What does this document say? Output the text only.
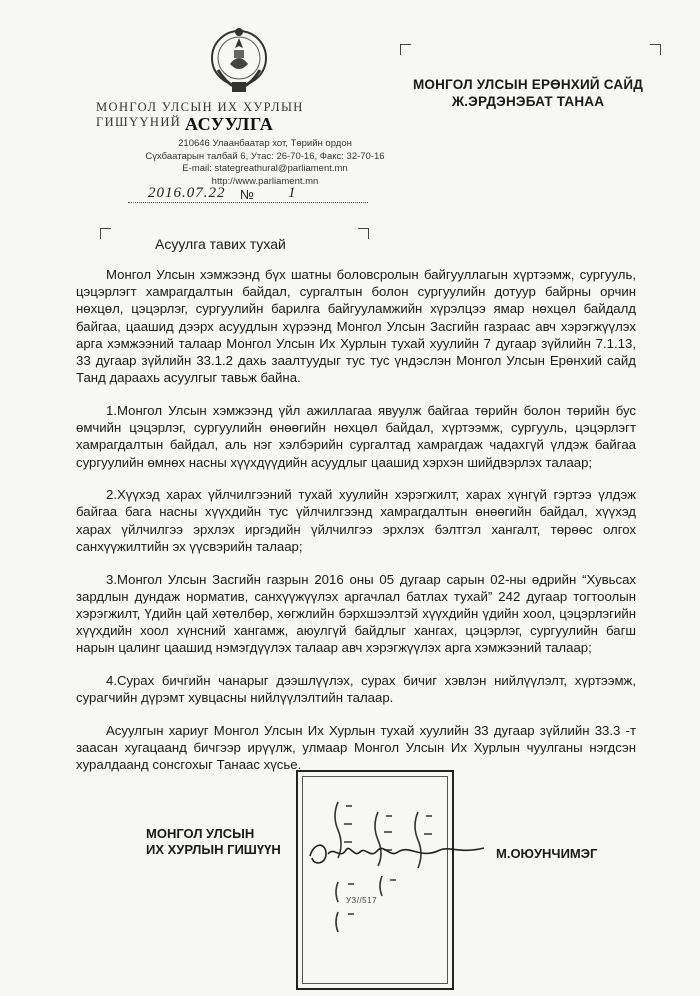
МОНГОЛ УЛСЫН ИХ ХУРЛЫН ГИШҮҮНИЙ АСУУЛГА
210646 Улаанбаатар хот, Төрийн ордон
Сүхбаатарын талбай 6, Утас: 26-70-16, Факс: 32-70-16
E-mail: stategreathural@parliament.mn
http://www.parliament.mn
2016.07.22 № 1
МОНГОЛ УЛСЫН ЕРӨНХИЙ САЙД
Ж.ЭРДЭНЭБАТ ТАНАА
Асуулга тавих тухай

Монгол Улсын хэмжээнд бүх шатны боловсролын байгууллагын хүртээмж, сургууль, цэцэрлэгт хамрагдалтын байдал, сургалтын болон сургуулийн дотуур байрны орчин нөхцөл, цэцэрлэг, сургуулийн барилга байгууламжийн хүрэлцээ ямар нөхцөл байдалд байгаа, цаашид дээрх асуудлын хүрээнд Монгол Улсын Засгийн газраас авч хэрэгжүүлэх арга хэмжээний талаар Монгол Улсын Их Хурлын тухай хуулийн 7 дугаар зүйлийн 7.1.13, 33 дугаар зүйлийн 33.1.2 дахь заалтуудыг тус тус үндэслэн Монгол Улсын Ерөнхий сайд Танд дараахь асуулгыг тавьж байна.

1.Монгол Улсын хэмжээнд үйл ажиллагаа явуулж байгаа төрийн болон төрийн бус өмчийн цэцэрлэг, сургуулийн өнөөгийн нөхцөл байдал, хүртээмж, сургууль, цэцэрлэгт хамрагдалтын байдал, аль нэг хэлбэрийн сургалтад хамрагдаж чадахгүй үлдэж байгаа сургуулийн өмнөх насны хүүхдүүдийн асуудлыг цаашид хэрхэн шийдвэрлэх талаар;

2.Хүүхэд харах үйлчилгээний тухай хуулийн хэрэгжилт, харах хүнгүй гэртээ үлдэж байгаа бага насны хүүхдийн тус үйлчилгээнд хамрагдалтын өнөөгийн байдал, хүүхэд харах үйлчилгээ эрхлэх иргэдийн үйлчилгээ эрхлэх бэлтгэл хангалт, төрөөс олгох санхүүжилтийн эх үүсвэрийн талаар;

3.Монгол Улсын Засгийн газрын 2016 оны 05 дугаар сарын 02-ны өдрийн “Хувьсах зардлын дундаж норматив, санхүүжүүлэх аргачлал батлах тухай” 242 дугаар тогтоолын хэрэгжилт, Үдийн цай хөтөлбөр, хөгжлийн бэрхшээлтэй хүүхдийн үдийн хоол, цэцэрлэгийн хүүхдийн хоол хүнсний хангамж, аюулгүй байдлыг хангах, цэцэрлэг, сургуулийн багш нарын цалинг цаашид нэмэгдүүлэх талаар авч хэрэгжүүлэх арга хэмжээний талаар;

4.Сурах бичгийн чанарыг дээшлүүлэх, сурах бичиг хэвлэн нийлүүлэлт, хүртээмж, сурагчийн дүрэмт хувцасны нийлүүлэлтийн талаар.

Асуулгын хариуг Монгол Улсын Их Хурлын тухай хуулийн 33 дугаар зүйлийн 33.3 -т заасан хугацаанд бичгээр ирүүлж, улмаар Монгол Улсын Их Хурлын чуулганы нэгдсэн хуралдаанд сонсгохыг Танаас хүсье.

УЗ//517
МОНГОЛ УЛСЫН
ИХ ХУРЛЫН ГИШҮҮН	М.ОЮУНЧИМЭГ
